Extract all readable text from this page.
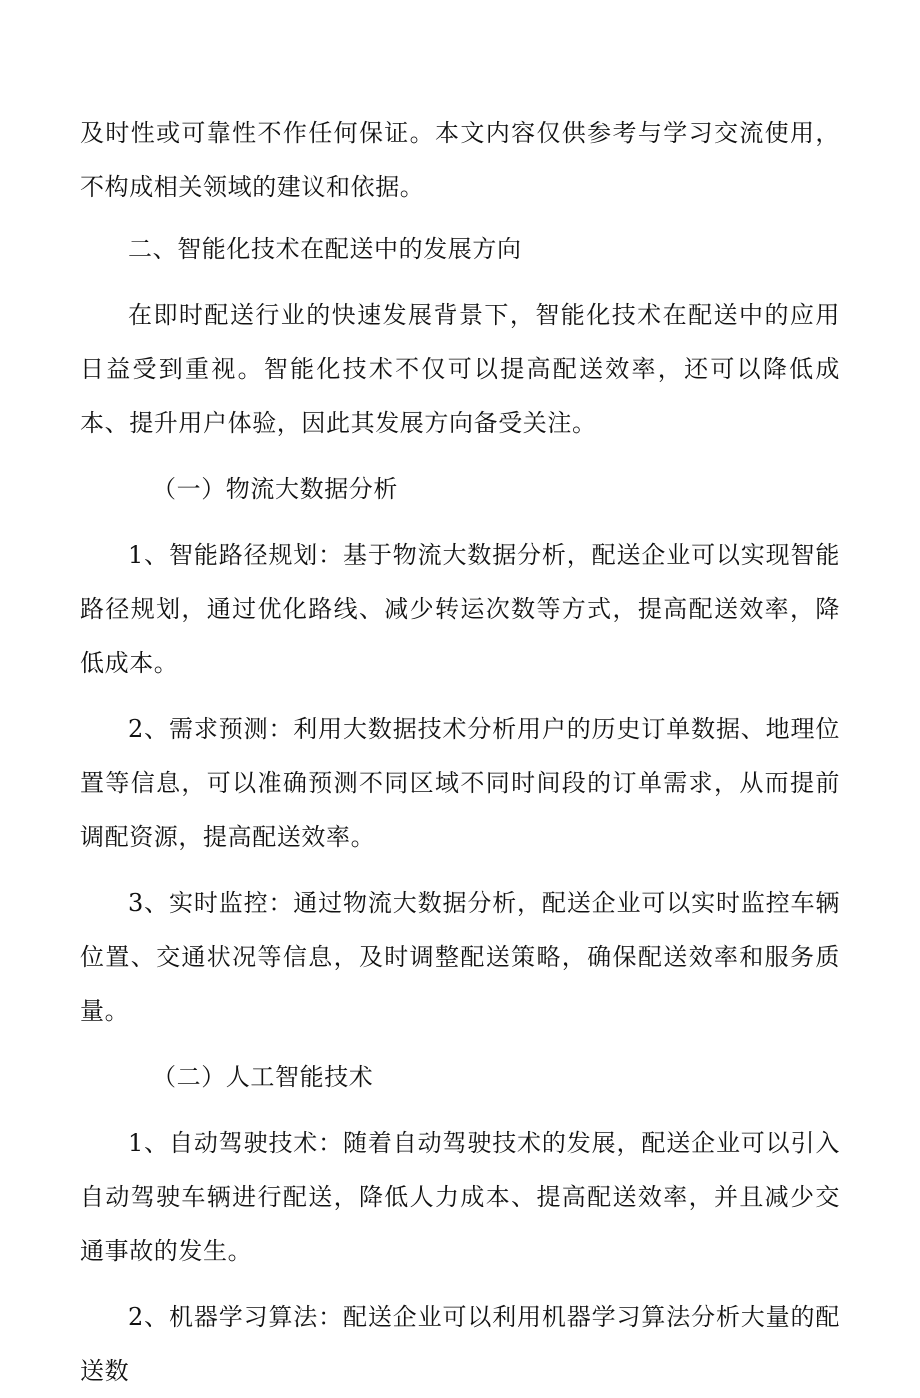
及时性或可靠性不作任何保证。本文内容仅供参考与学习交流使用，不构成相关领域的建议和依据。

二、智能化技术在配送中的发展方向

在即时配送行业的快速发展背景下，智能化技术在配送中的应用日益受到重视。智能化技术不仅可以提高配送效率，还可以降低成本、提升用户体验，因此其发展方向备受关注。

（一）物流大数据分析

1、智能路径规划：基于物流大数据分析，配送企业可以实现智能路径规划，通过优化路线、减少转运次数等方式，提高配送效率，降低成本。

2、需求预测：利用大数据技术分析用户的历史订单数据、地理位置等信息，可以准确预测不同区域不同时间段的订单需求，从而提前调配资源，提高配送效率。

3、实时监控：通过物流大数据分析，配送企业可以实时监控车辆位置、交通状况等信息，及时调整配送策略，确保配送效率和服务质量。

（二）人工智能技术

1、自动驾驶技术：随着自动驾驶技术的发展，配送企业可以引入自动驾驶车辆进行配送，降低人力成本、提高配送效率，并且减少交通事故的发生。

2、机器学习算法：配送企业可以利用机器学习算法分析大量的配送数
